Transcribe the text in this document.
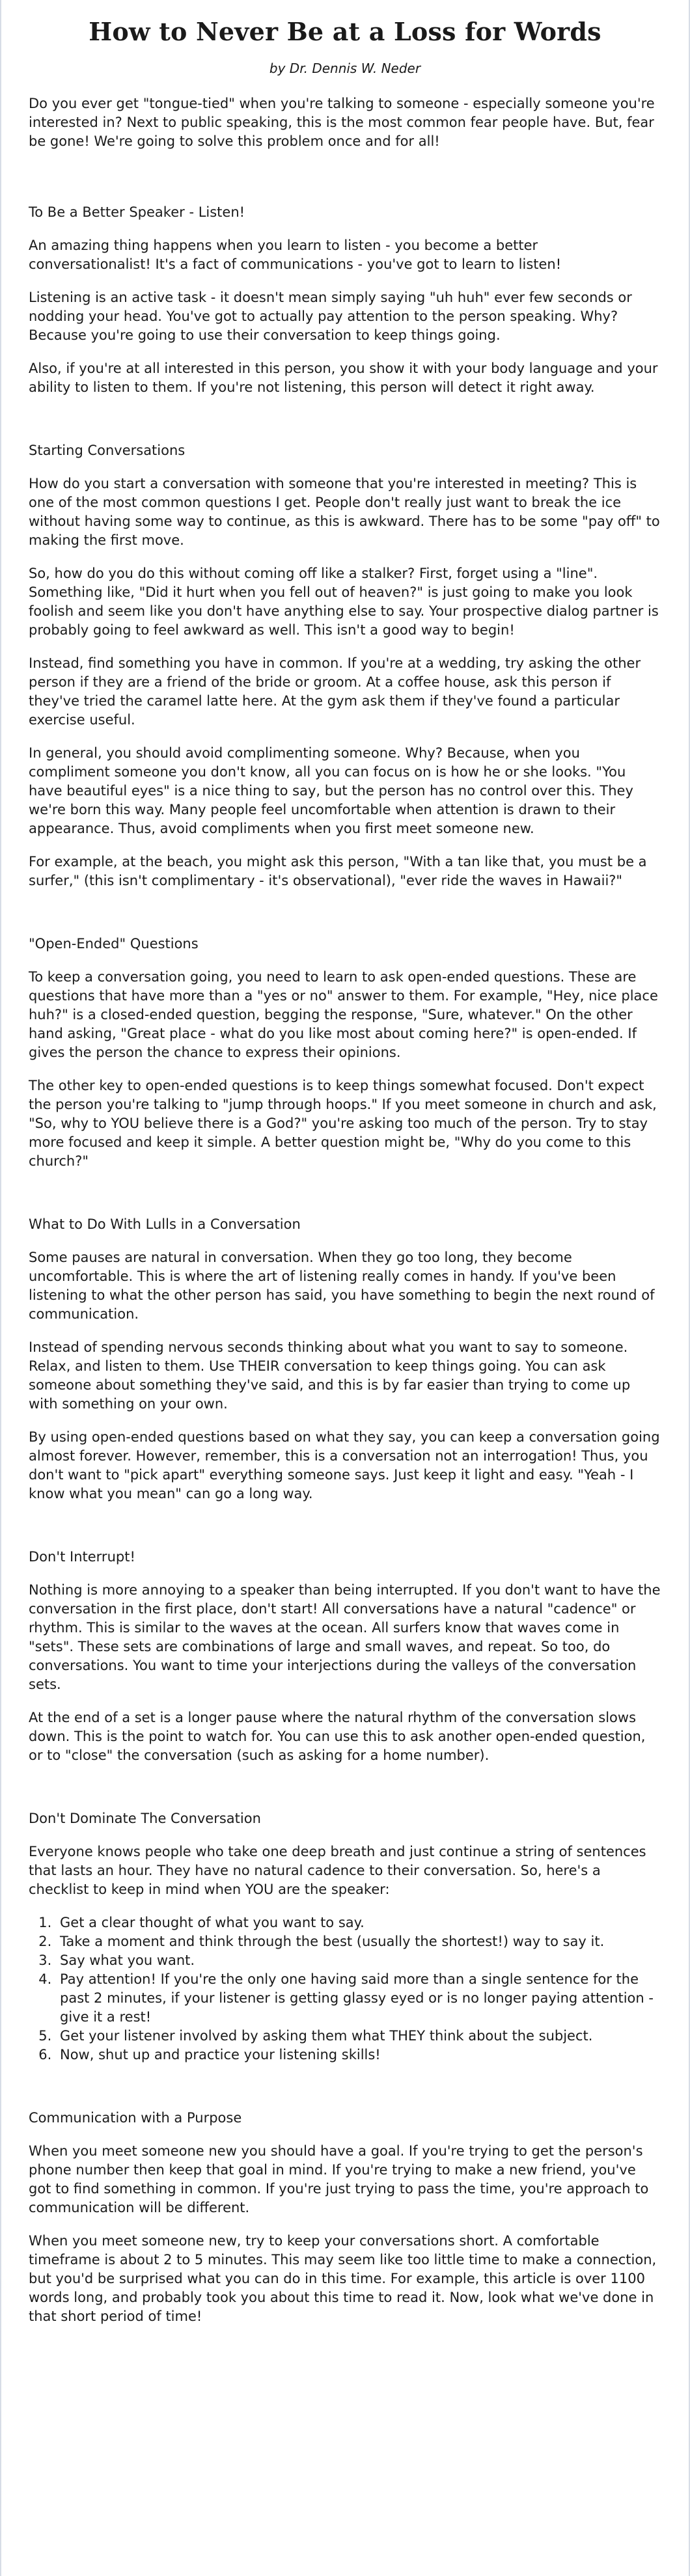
How to Never Be at a Loss for Words
by Dr. Dennis W. Neder

Do you ever get "tongue-tied" when you're talking to someone - especially someone you're interested in? Next to public speaking, this is the most common fear people have. But, fear be gone! We're going to solve this problem once and for all!

To Be a Better Speaker - Listen!

An amazing thing happens when you learn to listen - you become a better conversationalist! It's a fact of communications - you've got to learn to listen!

Listening is an active task - it doesn't mean simply saying "uh huh" ever few seconds or nodding your head. You've got to actually pay attention to the person speaking. Why? Because you're going to use their conversation to keep things going.

Also, if you're at all interested in this person, you show it with your body language and your ability to listen to them. If you're not listening, this person will detect it right away.

Starting Conversations

How do you start a conversation with someone that you're interested in meeting? This is one of the most common questions I get. People don't really just want to break the ice without having some way to continue, as this is awkward. There has to be some "pay off" to making the first move.

So, how do you do this without coming off like a stalker? First, forget using a "line". Something like, "Did it hurt when you fell out of heaven?" is just going to make you look foolish and seem like you don't have anything else to say. Your prospective dialog partner is probably going to feel awkward as well. This isn't a good way to begin!

Instead, find something you have in common. If you're at a wedding, try asking the other person if they are a friend of the bride or groom. At a coffee house, ask this person if they've tried the caramel latte here. At the gym ask them if they've found a particular exercise useful.

In general, you should avoid complimenting someone. Why? Because, when you compliment someone you don't know, all you can focus on is how he or she looks. "You have beautiful eyes" is a nice thing to say, but the person has no control over this. They we're born this way. Many people feel uncomfortable when attention is drawn to their appearance. Thus, avoid compliments when you first meet someone new.

For example, at the beach, you might ask this person, "With a tan like that, you must be a surfer," (this isn't complimentary - it's observational), "ever ride the waves in Hawaii?"

"Open-Ended" Questions

To keep a conversation going, you need to learn to ask open-ended questions. These are questions that have more than a "yes or no" answer to them. For example, "Hey, nice place huh?" is a closed-ended question, begging the response, "Sure, whatever." On the other hand asking, "Great place - what do you like most about coming here?" is open-ended. If gives the person the chance to express their opinions.

The other key to open-ended questions is to keep things somewhat focused. Don't expect the person you're talking to "jump through hoops." If you meet someone in church and ask, "So, why to YOU believe there is a God?" you're asking too much of the person. Try to stay more focused and keep it simple. A better question might be, "Why do you come to this church?"

What to Do With Lulls in a Conversation

Some pauses are natural in conversation. When they go too long, they become uncomfortable. This is where the art of listening really comes in handy. If you've been listening to what the other person has said, you have something to begin the next round of communication.

Instead of spending nervous seconds thinking about what you want to say to someone. Relax, and listen to them. Use THEIR conversation to keep things going. You can ask someone about something they've said, and this is by far easier than trying to come up with something on your own.

By using open-ended questions based on what they say, you can keep a conversation going almost forever. However, remember, this is a conversation not an interrogation! Thus, you don't want to "pick apart" everything someone says. Just keep it light and easy. "Yeah - I know what you mean" can go a long way.

Don't Interrupt!

Nothing is more annoying to a speaker than being interrupted. If you don't want to have the conversation in the first place, don't start! All conversations have a natural "cadence" or rhythm. This is similar to the waves at the ocean. All surfers know that waves come in "sets". These sets are combinations of large and small waves, and repeat. So too, do conversations. You want to time your interjections during the valleys of the conversation sets.

At the end of a set is a longer pause where the natural rhythm of the conversation slows down. This is the point to watch for. You can use this to ask another open-ended question, or to "close" the conversation (such as asking for a home number).

Don't Dominate The Conversation

Everyone knows people who take one deep breath and just continue a string of sentences that lasts an hour. They have no natural cadence to their conversation. So, here's a checklist to keep in mind when YOU are the speaker:

1. Get a clear thought of what you want to say.
2. Take a moment and think through the best (usually the shortest!) way to say it.
3. Say what you want.
4. Pay attention! If you're the only one having said more than a single sentence for the past 2 minutes, if your listener is getting glassy eyed or is no longer paying attention - give it a rest!
5. Get your listener involved by asking them what THEY think about the subject.
6. Now, shut up and practice your listening skills!
Communication with a Purpose

When you meet someone new you should have a goal. If you're trying to get the person's phone number then keep that goal in mind. If you're trying to make a new friend, you've got to find something in common. If you're just trying to pass the time, you're approach to communication will be different.

When you meet someone new, try to keep your conversations short. A comfortable timeframe is about 2 to 5 minutes. This may seem like too little time to make a connection, but you'd be surprised what you can do in this time. For example, this article is over 1100 words long, and probably took you about this time to read it. Now, look what we've done in that short period of time!
